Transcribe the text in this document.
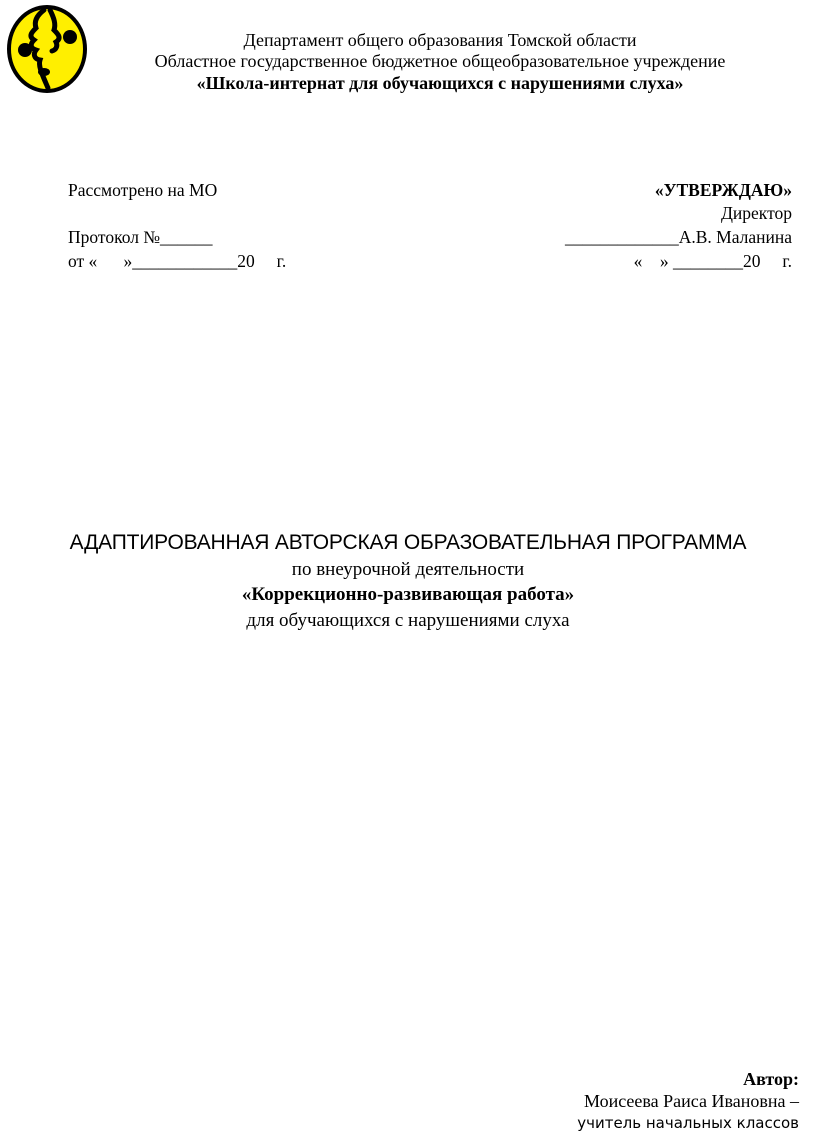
Департамент общего образования Томской области
Областное государственное бюджетное общеобразовательное учреждение
«Школа-интернат для обучающихся с нарушениями слуха»
Рассмотрено на МО
Протокол №______
от «      »____________20     г.
«УТВЕРЖДАЮ»
Директор
_____________А.В. Маланина
«    » ________20     г.
АДАПТИРОВАННАЯ АВТОРСКАЯ ОБРАЗОВАТЕЛЬНАЯ ПРОГРАММА
по внеурочной деятельности
«Коррекционно-развивающая работа»
для обучающихся с нарушениями слуха
Автор:
Моисеева Раиса Ивановна –
учитель начальных классов
